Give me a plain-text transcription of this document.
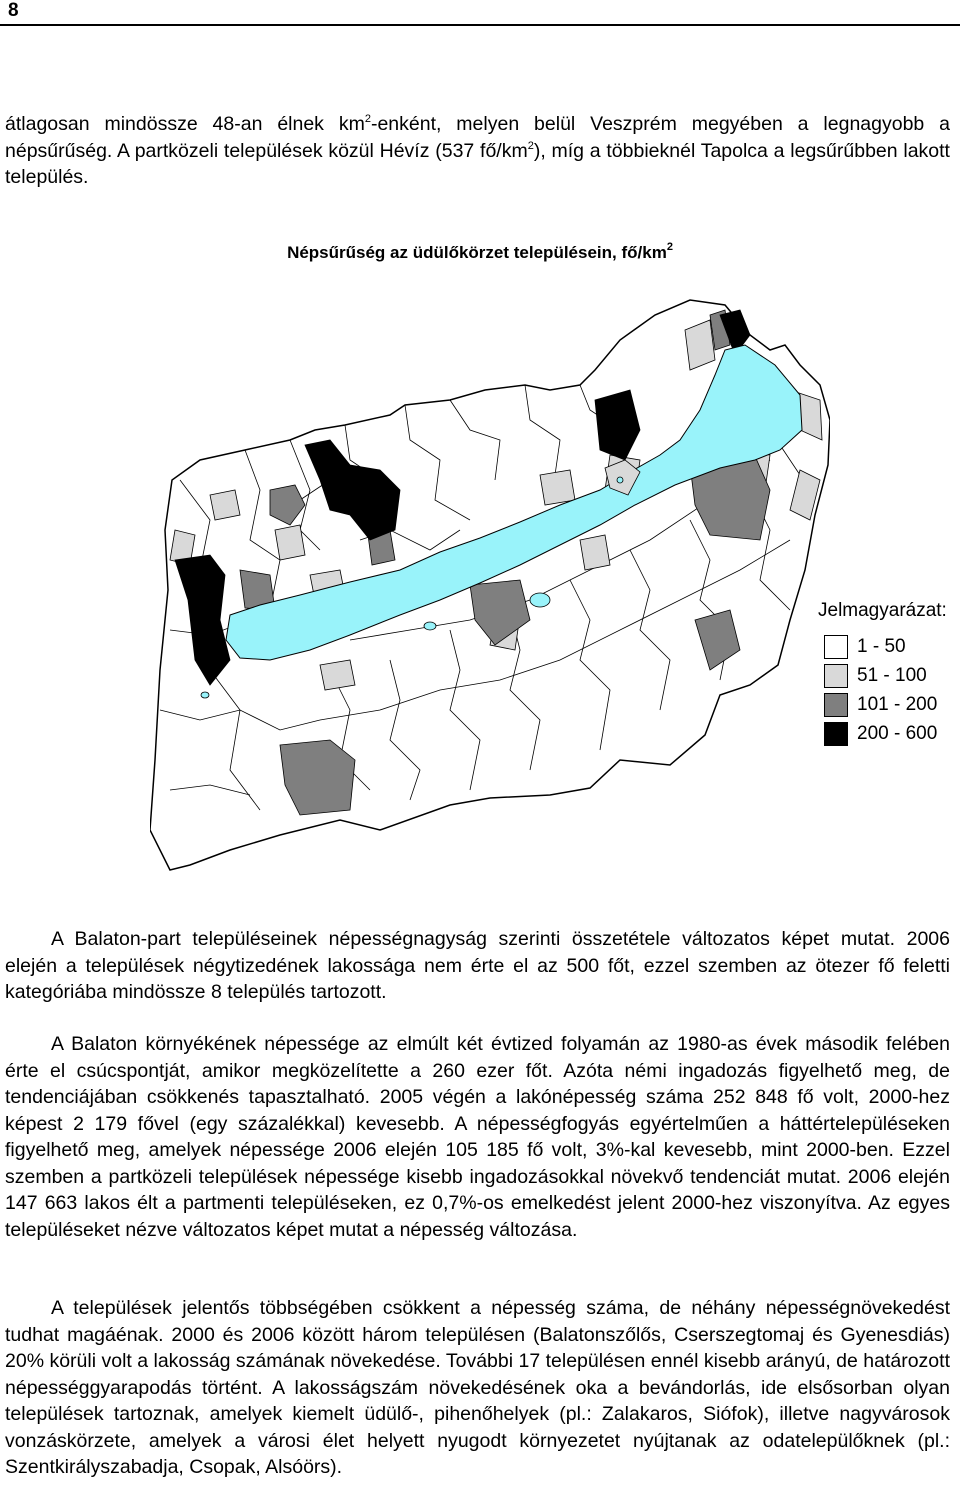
8

átlagosan mindössze 48-an élnek $km^2$-enként, melyen belül Veszprém megyében a legnagyobb a népsűrűség. A partközeli települések közül Hévíz (537 $fő/km^2$), míg a többieknél Tapolca a legsűrűbben lakott település.

Népsűrűség az üdülőkörzet településein, $fő/km^2$
Jelmagyarázat:
1 - 50
51 - 100
101 - 200
200 - 600

A Balaton-part településeinek népességnagyság szerinti összetétele változatos képet mutat. 2006 elején a települések négytizedének lakossága nem érte el az 500 főt, ezzel szemben az ötezer fő feletti kategóriába mindössze 8 település tartozott.

A Balaton környékének népessége az elmúlt két évtized folyamán az 1980-as évek második felében érte el csúcspontját, amikor megközelítette a 260 ezer főt. Azóta némi ingadozás figyelhető meg, de tendenciájában csökkenés tapasztalható. 2005 végén a lakónépesség száma 252 848 fő volt, 2000-hez képest 2 179 fővel (egy százalékkal) kevesebb. A népességfogyás egyértelműen a háttértelepüléseken figyelhető meg, amelyek népessége 2006 elején 105 185 fő volt, 3%-kal kevesebb, mint 2000-ben. Ezzel szemben a partközeli települések népessége kisebb ingadozásokkal növekvő tendenciát mutat. 2006 elején 147 663 lakos élt a partmenti településeken, ez 0,7%-os emelkedést jelent 2000-hez viszonyítva. Az egyes településeket nézve változatos képet mutat a népesség változása.

A települések jelentős többségében csökkent a népesség száma, de néhány népességnövekedést tudhat magáénak. 2000 és 2006 között három településen (Balatonszőlős, Cserszegtomaj és Gyenesdiás) 20% körüli volt a lakosság számának növekedése. További 17 településen ennél kisebb arányú, de határozott népességgyarapodás történt. A lakosságszám növekedésének oka a bevándorlás, ide elsősorban olyan települések tartoznak, amelyek kiemelt üdülő-, pihenőhelyek (pl.: Zalakaros, Siófok), illetve nagyvárosok vonzáskörzete, amelyek a városi élet helyett nyugodt környezetet nyújtanak az odatelepülőknek (pl.: Szentkirályszabadja, Csopak, Alsóörs).
